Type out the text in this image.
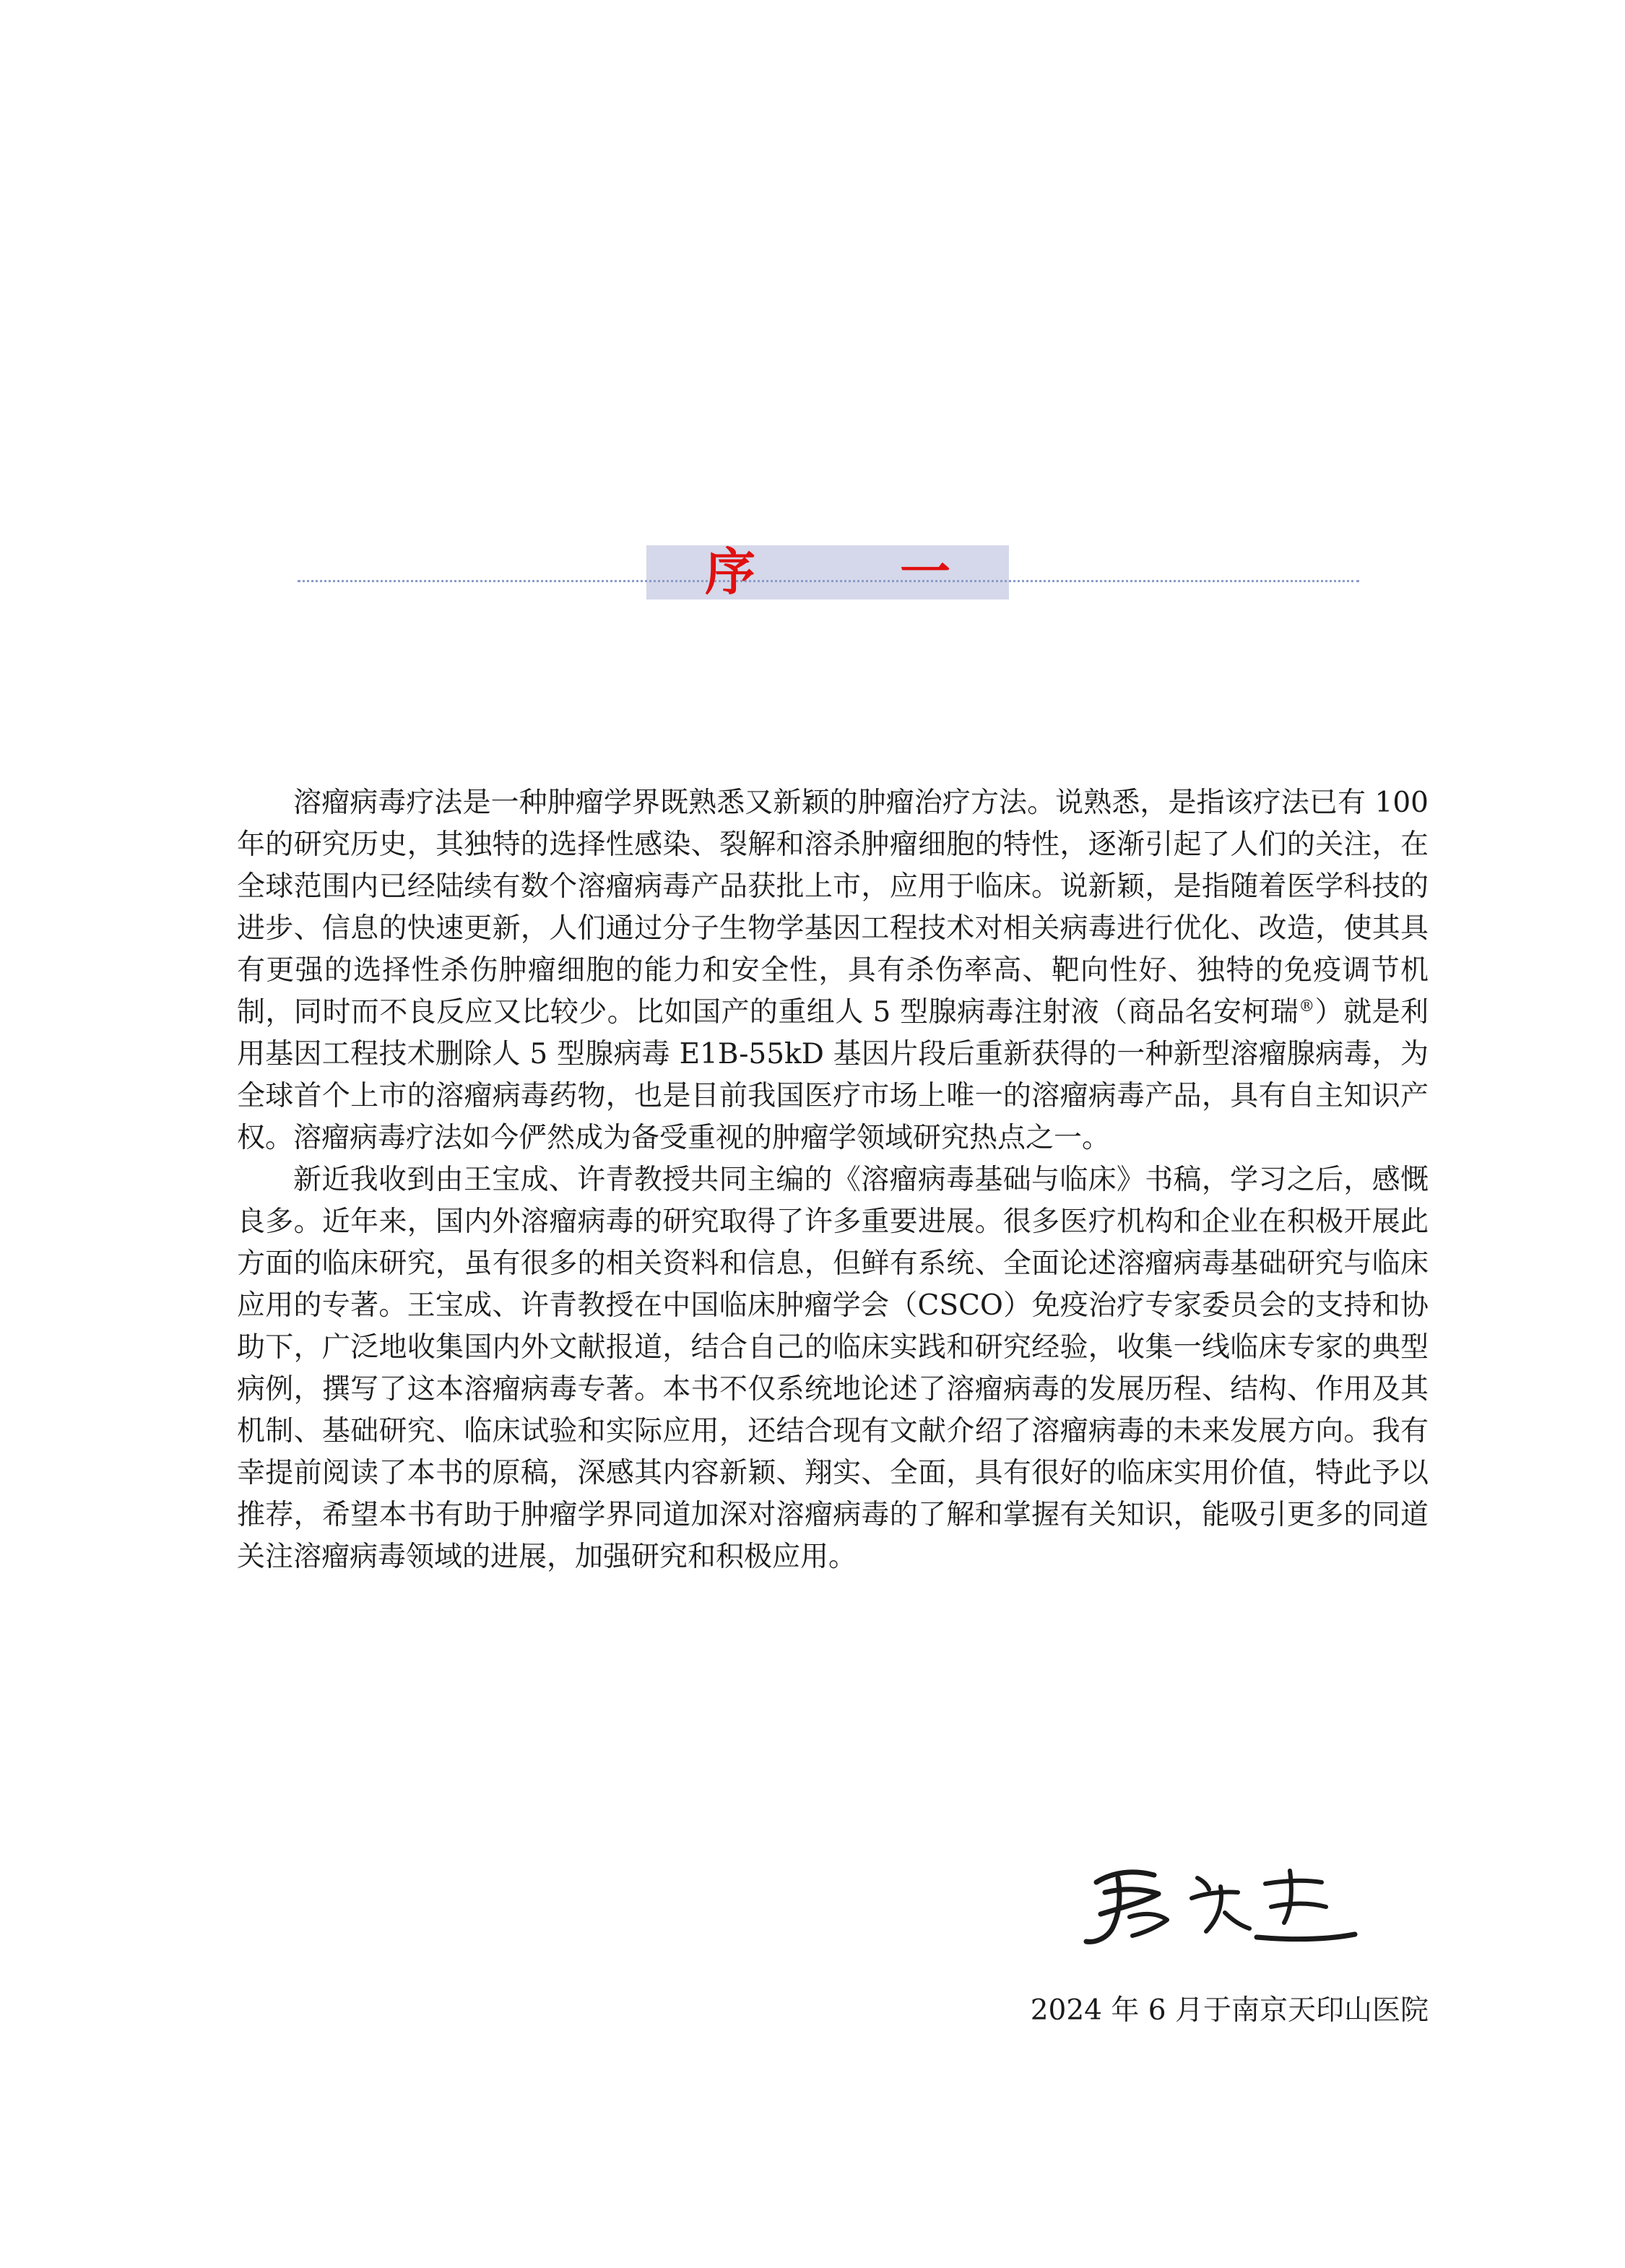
序一

溶瘤病毒疗法是一种肿瘤学界既熟悉又新颖的肿瘤治疗方法。说熟悉，是指该疗法已有 100 年的研究历史，其独特的选择性感染、裂解和溶杀肿瘤细胞的特性，逐渐引起了人们的关注，在全球范围内已经陆续有数个溶瘤病毒产品获批上市，应用于临床。说新颖，是指随着医学科技的进步、信息的快速更新，人们通过分子生物学基因工程技术对相关病毒进行优化、改造，使其具有更强的选择性杀伤肿瘤细胞的能力和安全性，具有杀伤率高、靶向性好、独特的免疫调节机制，同时而不良反应又比较少。比如国产的重组人 5 型腺病毒注射液（商品名安柯瑞®）就是利用基因工程技术删除人 5 型腺病毒 E1B-55kD 基因片段后重新获得的一种新型溶瘤腺病毒，为全球首个上市的溶瘤病毒药物，也是目前我国医疗市场上唯一的溶瘤病毒产品，具有自主知识产权。溶瘤病毒疗法如今俨然成为备受重视的肿瘤学领域研究热点之一。

新近我收到由王宝成、许青教授共同主编的《溶瘤病毒基础与临床》书稿，学习之后，感慨良多。近年来，国内外溶瘤病毒的研究取得了许多重要进展。很多医疗机构和企业在积极开展此方面的临床研究，虽有很多的相关资料和信息，但鲜有系统、全面论述溶瘤病毒基础研究与临床应用的专著。王宝成、许青教授在中国临床肿瘤学会（CSCO）免疫治疗专家委员会的支持和协助下，广泛地收集国内外文献报道，结合自己的临床实践和研究经验，收集一线临床专家的典型病例，撰写了这本溶瘤病毒专著。本书不仅系统地论述了溶瘤病毒的发展历程、结构、作用及其机制、基础研究、临床试验和实际应用，还结合现有文献介绍了溶瘤病毒的未来发展方向。我有幸提前阅读了本书的原稿，深感其内容新颖、翔实、全面，具有很好的临床实用价值，特此予以推荐，希望本书有助于肿瘤学界同道加深对溶瘤病毒的了解和掌握有关知识，能吸引更多的同道关注溶瘤病毒领域的进展，加强研究和积极应用。

2024 年 6 月于南京天印山医院
